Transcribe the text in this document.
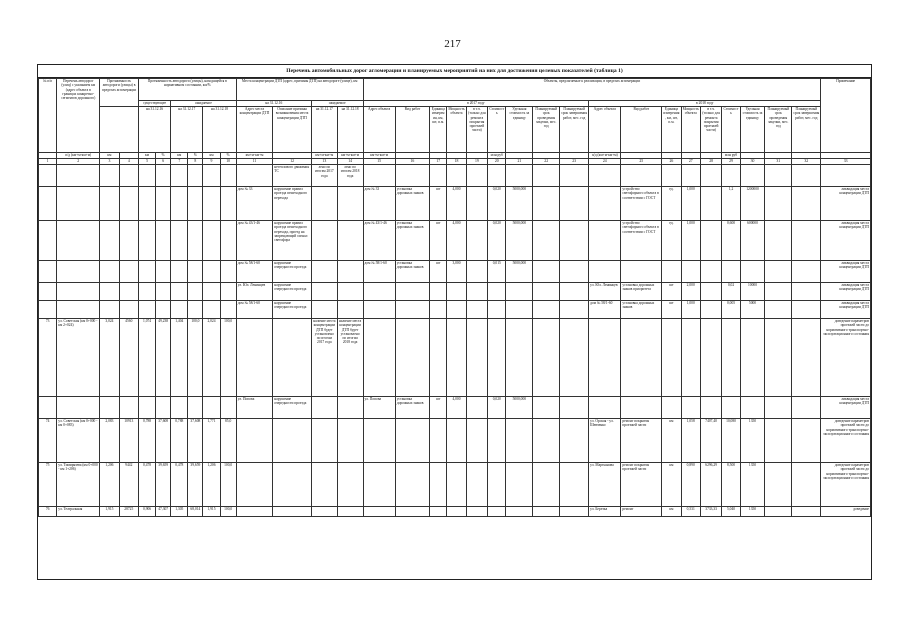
217
Перечень автомобильных дорог агломерации и планируемых мероприятий на них для достижения целевых показателей (таблица 1)
№ п/п	Перечень автодорог (улиц) с указанием км (адрес объекта в границах конкретно-сегментов дорожного)	Протяженность автодороги (улицы) в пределах агломерации		Протяженность автодороги (улицы), находящейся в нормативном состоянии, км/%						Места концентрации ДТП (адрес, причины ДТП) на автодороге (улице), км				Объекты, предлагаемые к реализации, в пределах агломерации																		Примечание
				существующее		ожидаемое				на 31.12.16		ожидаемое		в 2017 году									в 2018 году									
				на 31.12.16		на 31.12.17		на 31.12.18		Адрес места концентрации ДТП	Описание причины возникновения места концентрации ДТП	на 31.12.17	на 31.12.18	Адрес объекта	Вид работ	Единица измерения, км, шт, п.м.	Мощность объекта	в т.ч. (только для ремонта покрытия проезжей части)	Стоимость	Удельная стоимость за единицу	Планируемый срок проведения закупки, мес. год	Планируемый срок завершения работ, мес. год	Адрес объекта	Вид работ	Единица измерения, км, шт, п.м.	Мощность объекта	в т.ч. (только для ремонта покрытия проезжей части)	Стоимость	Удельная стоимость за единицу	Планируемый срок проведения закупки, мес. год	Планируемый срок завершения работ, мес. год	
	п/д (км+м-км+м)	км		км	%	км	%	км	%	км+м-км+м		км+м-км+м	км+м-км+м	км+м-км+м					млн руб				п/д (км+м-км+м)					млн руб				
1	2	3	4	5	6	7	8	9	10	11	12	13	14	15	16	17	18	19	20	21	22	23	24	25	26	27	28	29	30	31	32	33
											нетеплового движения ТС	лено по итогам 2017 года	лено по итогам 2018 года																			
										дом № 33	нарушение правил проезда пешеходного перехода			дом № 33	установка дорожных знаков	шт	4,000		0,020	5000,000				устройство светофорного объекта в соответствии с ГОСТ	ед.	1,000		1,2	1200000			ликвидация места концентрации ДТП
										дом № 43/1-46	нарушение правил проезда пешеходного перехода, проезд на запрещающий сигнал светофора			дом № 43/1-46	установка дорожных знаков	шт	4,000		0,020	5000,000				устройство светофорного объекта в соответствии с ГОСТ	ед.	1,000		0,600	600000			ликвидация места концентрации ДТП
										дом № 58/1-60	нарушение очередности проезда			дом № 58/1-60	установка дорожных знаков	шт	3,000		0,015	5000,000												ликвидация места концентрации ДТП
										ул. Юл. Ленинцев	нарушение очередности проезда												ул. Юл. Ленинцев	установка дорожных знаков приоритета	шт	2,000		0,02	10000			ликвидация места концентрации ДТП
										дом № 58/1-60	нарушение очередности проезда												дом № 58/1-60	установка дорожных знаков	шт	1,000		0,005	5000			ликвидация места концентрации ДТП
73	ул. Советская (км 0+000 - км 2+024)	3,024	4560	1,074	49,238	1,404	100,0	2,024	100,0			наличие места концентрации ДТП будет установлено по итогам 2017 года	наличие места концентрации ДТП будет установлено по итогам 2018 года																			доведение параметров проезжей части до нормативного транспортно-эксплуатационного состояния
										ул. Попова	нарушение очередности проезда			ул. Попова	установка дорожных знаков	шт	4,000		0,020	5000,000												ликвидация места концентрации ДТП
74	ул. Советская (км 0+000 - км 0+083)	2,083	10913	0,788	37,608	0,788	37,608	1,771	85,0														ул. Орская - ул. Шевченко	ремонт покрытия проезжей части	км	1,058	7407,40	10,080	1350			доведение параметров проезжей части до нормативного транспортно-эксплуатационного состояния
75	ул. Тимирязева (км 0+000 - км 1+206)	1,206	9442	0,478	39,659	0,478	39,659	1,206	100,0														ул. Мартьянова	ремонт покрытия проезжей части	км	0,890	6296,29	8,500	1350			доведение параметров проезжей части до нормативного транспортно-эксплуатационного состояния
76	ул. Театральная	1,915	28725	0,906	47,307	1,305	68,014	1,915	100,0														ул. Березка	ремонт	км	0,531	3733,33	5,040	1350			доведение
